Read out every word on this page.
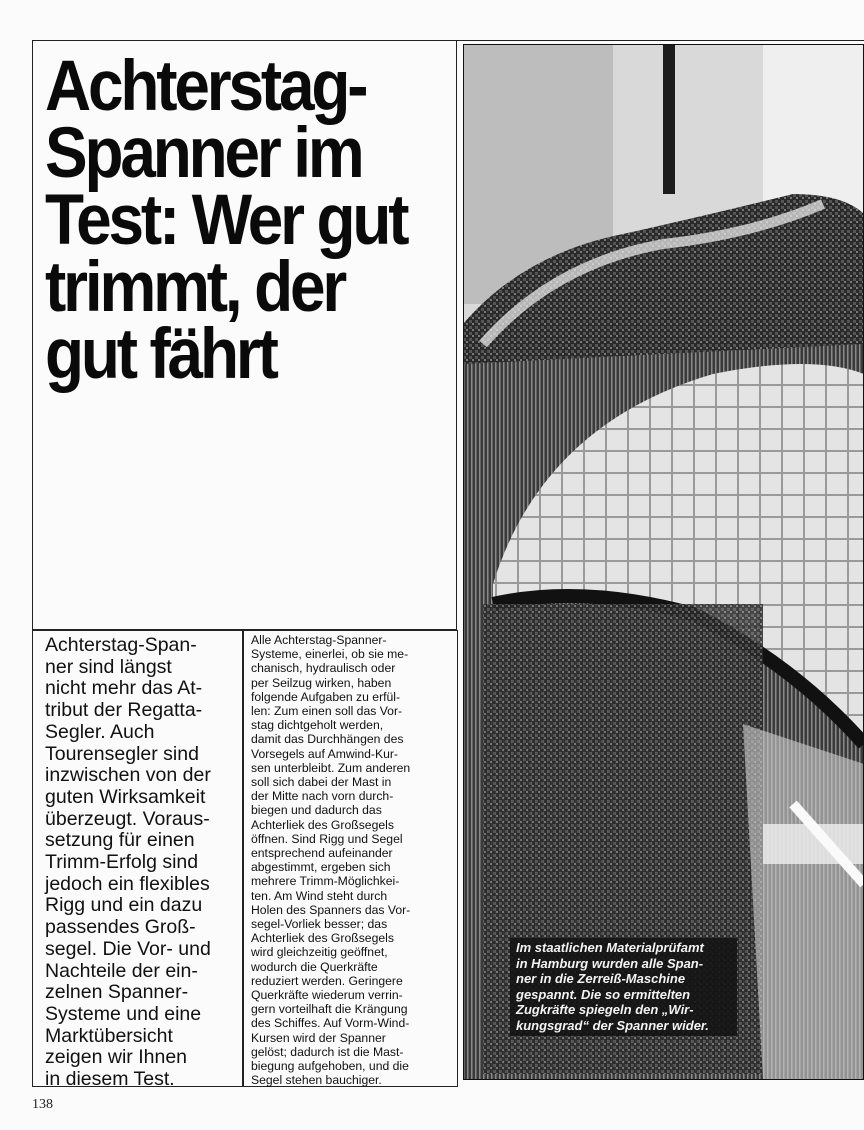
Achterstag-
Spanner im
Test: Wer gut
trimmt, der
gut fährt
Achterstag-Span-
ner sind längst
nicht mehr das At-
tribut der Regatta-
Segler. Auch
Tourensegler sind
inzwischen von der
guten Wirksamkeit
überzeugt. Voraus-
setzung für einen
Trimm-Erfolg sind
jedoch ein flexibles
Rigg und ein dazu
passendes Groß-
segel. Die Vor- und
Nachteile der ein-
zelnen Spanner-
Systeme und eine
Marktübersicht
zeigen wir Ihnen
in diesem Test.
Alle Achterstag-Spanner-
Systeme, einerlei, ob sie me-
chanisch, hydraulisch oder
per Seilzug wirken, haben
folgende Aufgaben zu erfül-
len: Zum einen soll das Vor-
stag dichtgeholt werden,
damit das Durchhängen des
Vorsegels auf Amwind-Kur-
sen unterbleibt. Zum anderen
soll sich dabei der Mast in
der Mitte nach vorn durch-
biegen und dadurch das
Achterliek des Großsegels
öffnen. Sind Rigg und Segel
entsprechend aufeinander
abgestimmt, ergeben sich
mehrere Trimm-Möglichkei-
ten. Am Wind steht durch
Holen des Spanners das Vor-
segel-Vorliek besser; das
Achterliek des Großsegels
wird gleichzeitig geöffnet,
wodurch die Querkräfte
reduziert werden. Geringere
Querkräfte wiederum verrin-
gern vorteilhaft die Krängung
des Schiffes. Auf Vorm-Wind-
Kursen wird der Spanner
gelöst; dadurch ist die Mast-
biegung aufgehoben, und die
Segel stehen bauchiger.
Im staatlichen Materialprüfamt
in Hamburg wurden alle Span-
ner in die Zerreiß-Maschine
gespannt. Die so ermittelten
Zugkräfte spiegeln den „Wir-
kungsgrad“ der Spanner wider.
138
